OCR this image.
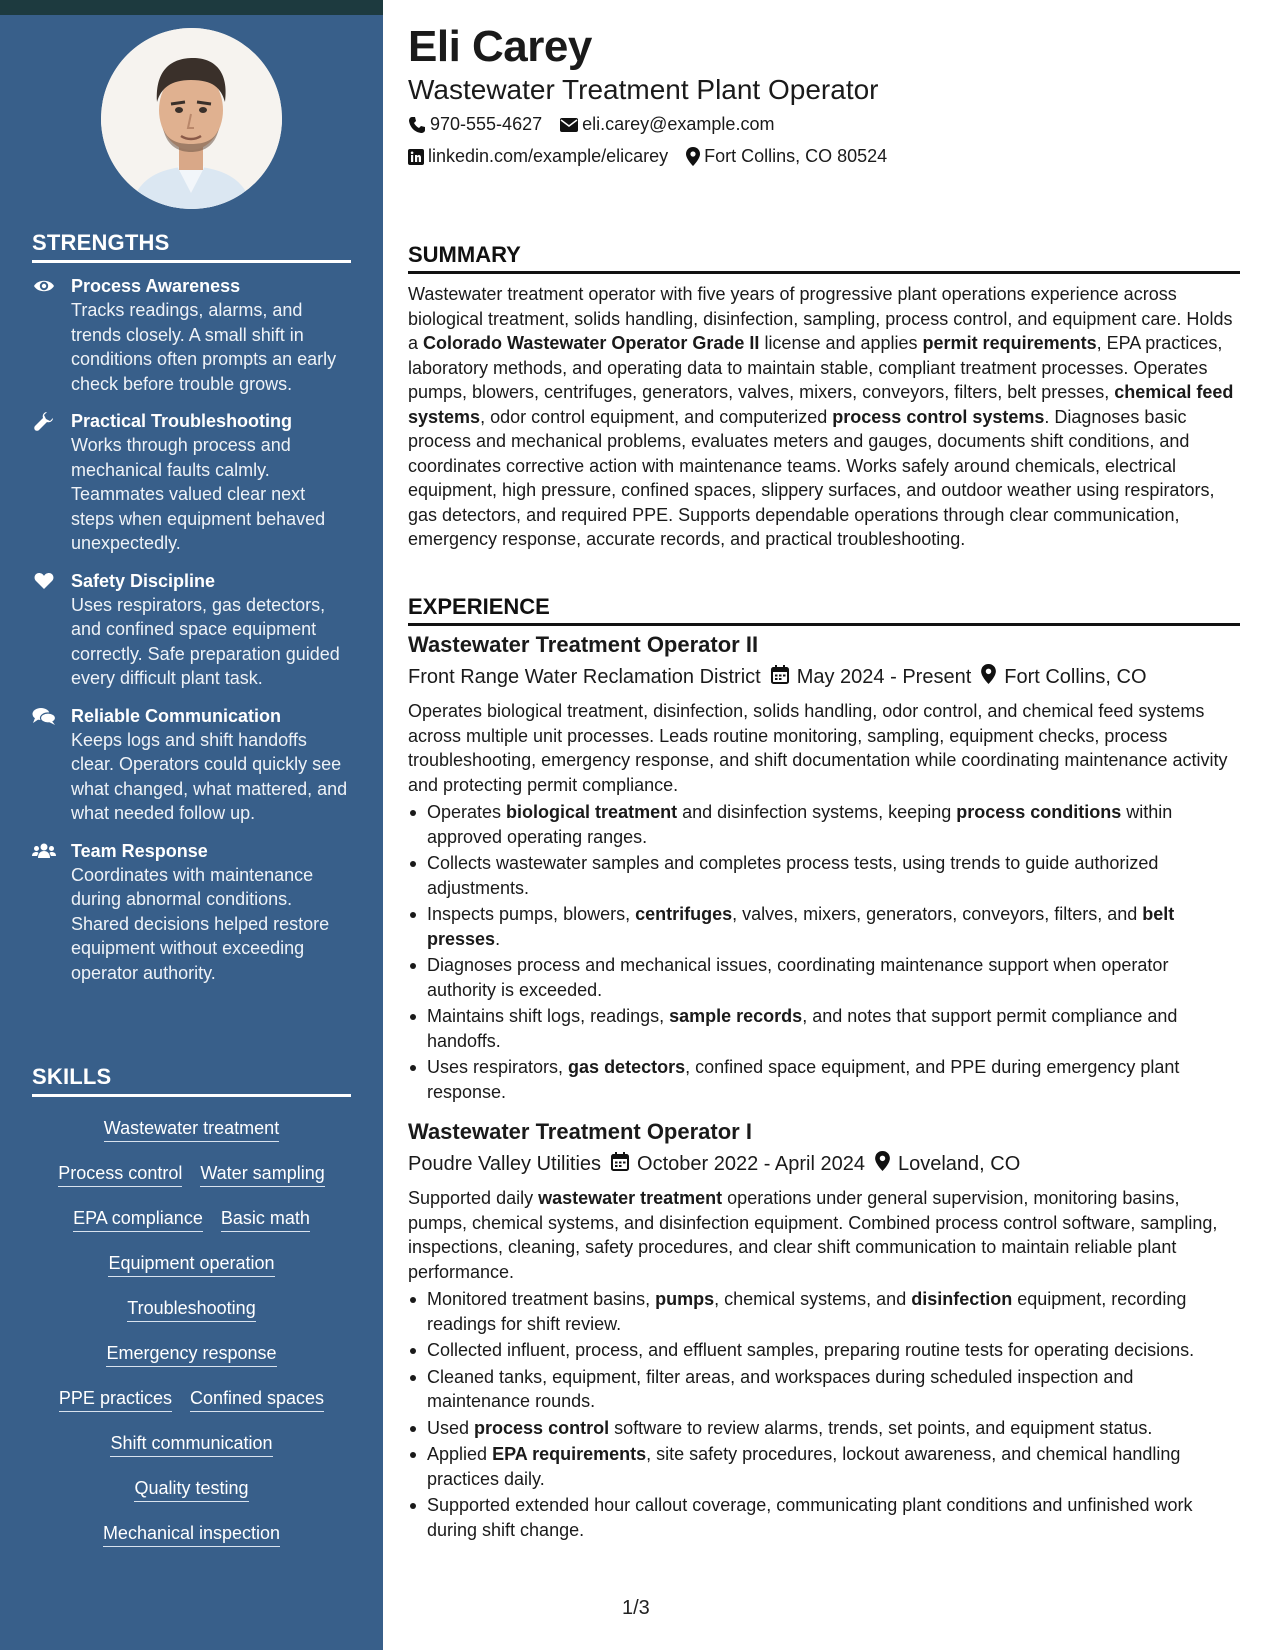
STRENGTHS
Process Awareness
Tracks readings, alarms, and trends closely. A small shift in conditions often prompts an early check before trouble grows.
Practical Troubleshooting
Works through process and mechanical faults calmly. Teammates valued clear next steps when equipment behaved unexpectedly.
Safety Discipline
Uses respirators, gas detectors, and confined space equipment correctly. Safe preparation guided every difficult plant task.
Reliable Communication
Keeps logs and shift handoffs clear. Operators could quickly see what changed, what mattered, and what needed follow up.
Team Response
Coordinates with maintenance during abnormal conditions. Shared decisions helped restore equipment without exceeding operator authority.
SKILLS
Wastewater treatment
Process control Water sampling
EPA compliance Basic math
Equipment operation
Troubleshooting
Emergency response
PPE practices Confined spaces
Shift communication
Quality testing
Mechanical inspection
Eli Carey
Wastewater Treatment Plant Operator
970-555-4627 eli.carey@example.com
linkedin.com/example/elicarey Fort Collins, CO 80524
SUMMARY
Wastewater treatment operator with five years of progressive plant operations experience across biological treatment, solids handling, disinfection, sampling, process control, and equipment care. Holds a Colorado Wastewater Operator Grade II license and applies permit requirements, EPA practices, laboratory methods, and operating data to maintain stable, compliant treatment processes. Operates pumps, blowers, centrifuges, generators, valves, mixers, conveyors, filters, belt presses, chemical feed systems, odor control equipment, and computerized process control systems. Diagnoses basic process and mechanical problems, evaluates meters and gauges, documents shift conditions, and coordinates corrective action with maintenance teams. Works safely around chemicals, electrical equipment, high pressure, confined spaces, slippery surfaces, and outdoor weather using respirators, gas detectors, and required PPE. Supports dependable operations through clear communication, emergency response, accurate records, and practical troubleshooting.
EXPERIENCE
Wastewater Treatment Operator II
Front Range Water Reclamation District May 2024 - Present Fort Collins, CO
Operates biological treatment, disinfection, solids handling, odor control, and chemical feed systems across multiple unit processes. Leads routine monitoring, sampling, equipment checks, process troubleshooting, emergency response, and shift documentation while coordinating maintenance activity and protecting permit compliance.
Operates biological treatment and disinfection systems, keeping process conditions within approved operating ranges.
Collects wastewater samples and completes process tests, using trends to guide authorized adjustments.
Inspects pumps, blowers, centrifuges, valves, mixers, generators, conveyors, filters, and belt presses.
Diagnoses process and mechanical issues, coordinating maintenance support when operator authority is exceeded.
Maintains shift logs, readings, sample records, and notes that support permit compliance and handoffs.
Uses respirators, gas detectors, confined space equipment, and PPE during emergency plant response.
Wastewater Treatment Operator I
Poudre Valley Utilities October 2022 - April 2024 Loveland, CO
Supported daily wastewater treatment operations under general supervision, monitoring basins, pumps, chemical systems, and disinfection equipment. Combined process control software, sampling, inspections, cleaning, safety procedures, and clear shift communication to maintain reliable plant performance.
Monitored treatment basins, pumps, chemical systems, and disinfection equipment, recording readings for shift review.
Collected influent, process, and effluent samples, preparing routine tests for operating decisions.
Cleaned tanks, equipment, filter areas, and workspaces during scheduled inspection and maintenance rounds.
Used process control software to review alarms, trends, set points, and equipment status.
Applied EPA requirements, site safety procedures, lockout awareness, and chemical handling practices daily.
Supported extended hour callout coverage, communicating plant conditions and unfinished work during shift change.
1/3
